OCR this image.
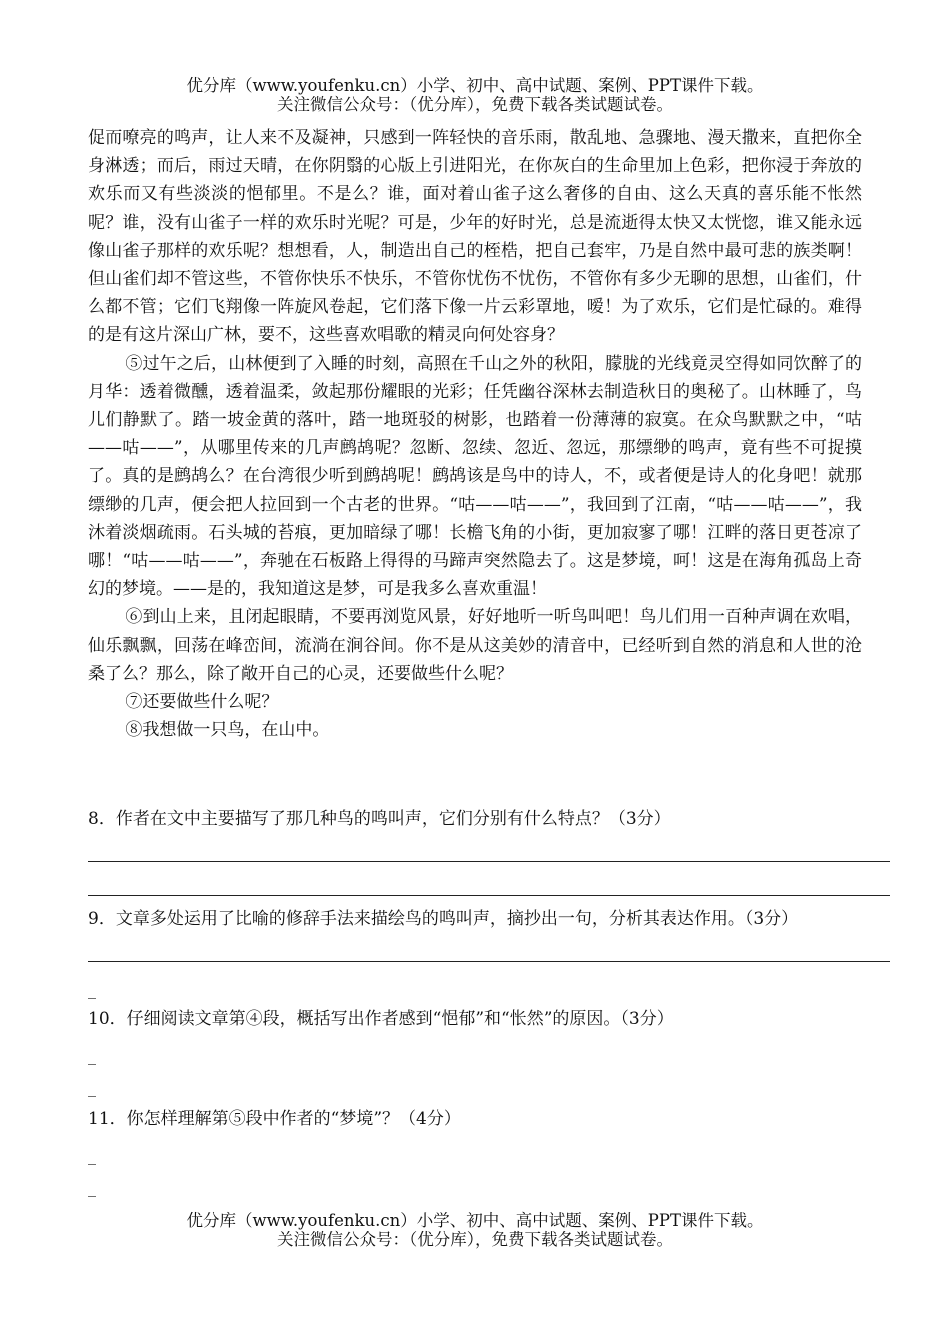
优分库（www.youfenku.cn）小学、初中、高中试题、案例、PPT课件下载。

关注微信公众号：（优分库），免费下载各类试题试卷。

促而嘹亮的鸣声，让人来不及凝神，只感到一阵轻快的音乐雨，散乱地、急骤地、漫天撒来，直把你全身淋透；而后，雨过天晴，在你阴翳的心版上引进阳光，在你灰白的生命里加上色彩，把你浸于奔放的欢乐而又有些淡淡的悒郁里。不是么？谁，面对着山雀子这么奢侈的自由、这么天真的喜乐能不怅然呢？谁，没有山雀子一样的欢乐时光呢？可是，少年的好时光，总是流逝得太快又太恍惚，谁又能永远像山雀子那样的欢乐呢？想想看，人，制造出自己的桎梏，把自己套牢，乃是自然中最可悲的族类啊！但山雀们却不管这些，不管你快乐不快乐，不管你忧伤不忧伤，不管你有多少无聊的思想，山雀们，什么都不管；它们飞翔像一阵旋风卷起，它们落下像一片云彩罩地，嗳！为了欢乐，它们是忙碌的。难得的是有这片深山广林，要不，这些喜欢唱歌的精灵向何处容身？

⑤过午之后，山林便到了入睡的时刻，高照在千山之外的秋阳，朦胧的光线竟灵空得如同饮醉了的月华：透着微醺，透着温柔，敛起那份耀眼的光彩；任凭幽谷深林去制造秋日的奥秘了。山林睡了，鸟儿们静默了。踏一坡金黄的落叶，踏一地斑驳的树影，也踏着一份薄薄的寂寞。在众鸟默默之中，“咕——咕——”，从哪里传来的几声鹧鸪呢？忽断、忽续、忽近、忽远，那缥缈的鸣声，竟有些不可捉摸了。真的是鹧鸪么？在台湾很少听到鹧鸪呢！鹧鸪该是鸟中的诗人，不，或者便是诗人的化身吧！就那缥缈的几声，便会把人拉回到一个古老的世界。“咕——咕——”，我回到了江南，“咕——咕——”，我沐着淡烟疏雨。石头城的苔痕，更加暗绿了哪！长檐飞角的小街，更加寂寥了哪！江畔的落日更苍凉了哪！“咕——咕——”，奔驰在石板路上得得的马蹄声突然隐去了。这是梦境，呵！这是在海角孤岛上奇幻的梦境。——是的，我知道这是梦，可是我多么喜欢重温！

⑥到山上来，且闭起眼睛，不要再浏览风景，好好地听一听鸟叫吧！鸟儿们用一百种声调在欢唱，仙乐飘飘，回荡在峰峦间，流淌在涧谷间。你不是从这美妙的清音中，已经听到自然的消息和人世的沧桑了么？那么，除了敞开自己的心灵，还要做些什么呢？

⑦还要做些什么呢？

⑧我想做一只鸟，在山中。

8．作者在文中主要描写了那几种鸟的鸣叫声，它们分别有什么特点？（3分）

9．文章多处运用了比喻的修辞手法来描绘鸟的鸣叫声，摘抄出一句，分析其表达作用。（3分）

_

10．仔细阅读文章第④段，概括写出作者感到“悒郁”和“怅然”的原因。（3分）

_
_

11．你怎样理解第⑤段中作者的“梦境”？（4分）

_
_

优分库（www.youfenku.cn）小学、初中、高中试题、案例、PPT课件下载。

关注微信公众号：（优分库），免费下载各类试题试卷。
